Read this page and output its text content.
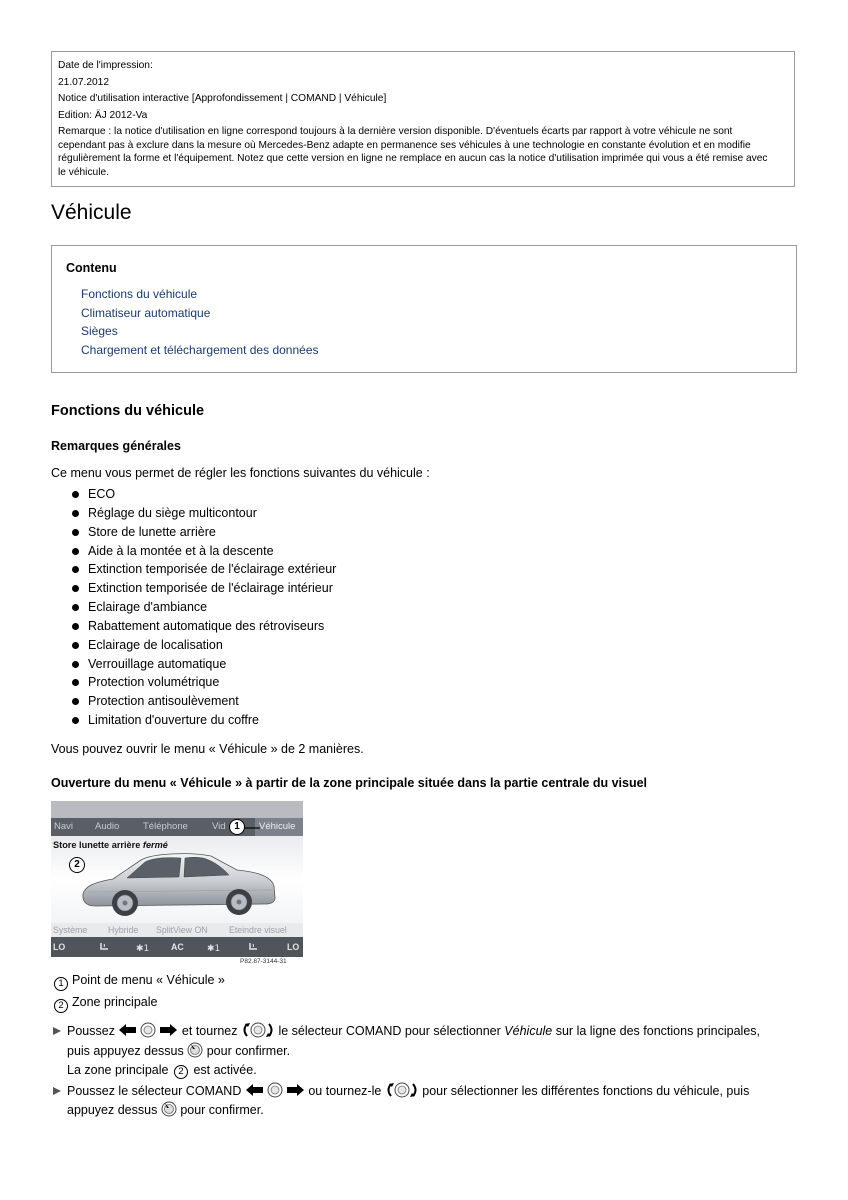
Date de l'impression:
21.07.2012
Notice d'utilisation interactive [Approfondissement | COMAND | Véhicule]
Edition: ÄJ 2012-Va
Remarque : la notice d'utilisation en ligne correspond toujours à la dernière version disponible. D'éventuels écarts par rapport à votre véhicule ne sont
cependant pas à exclure dans la mesure où Mercedes-Benz adapte en permanence ses véhicules à une technologie en constante évolution et en modifie
régulièrement la forme et l'équipement. Notez que cette version en ligne ne remplace en aucun cas la notice d'utilisation imprimée qui vous a été remise avec
le véhicule.
Véhicule
Contenu
Fonctions du véhicule
Climatiseur automatique
Sièges
Chargement et téléchargement des données
Fonctions du véhicule
Remarques générales

Ce menu vous permet de régler les fonctions suivantes du véhicule :

ECO
Réglage du siège multicontour
Store de lunette arrière
Aide à la montée et à la descente
Extinction temporisée de l'éclairage extérieur
Extinction temporisée de l'éclairage intérieur
Eclairage d'ambiance
Rabattement automatique des rétroviseurs
Eclairage de localisation
Verrouillage automatique
Protection volumétrique
Protection antisoulèvement
Limitation d'ouverture du coffre

Vous pouvez ouvrir le menu « Véhicule » de 2 manières.

Ouverture du menu « Véhicule » à partir de la zone principale située dans la partie centrale du visuel
Navi Audio Téléphone	Vid	Véhicule
1
Store lunette arrière fermé
2
Système Hybride SplitView ON Eteindre visuel
LO	✱1 AC	✱1	LO
P82.87-3144-31
1 Point de menu « Véhicule »
2 Zone principale
Poussez	et tournez	le sélecteur COMAND pour sélectionner Véhicule sur la ligne des fonctions principales,
puis appuyez dessus pour confirmer.
La zone principale 2 est activée.
Poussez le sélecteur COMAND	ou tournez-le	pour sélectionner les différentes fonctions du véhicule, puis
appuyez dessus pour confirmer.
